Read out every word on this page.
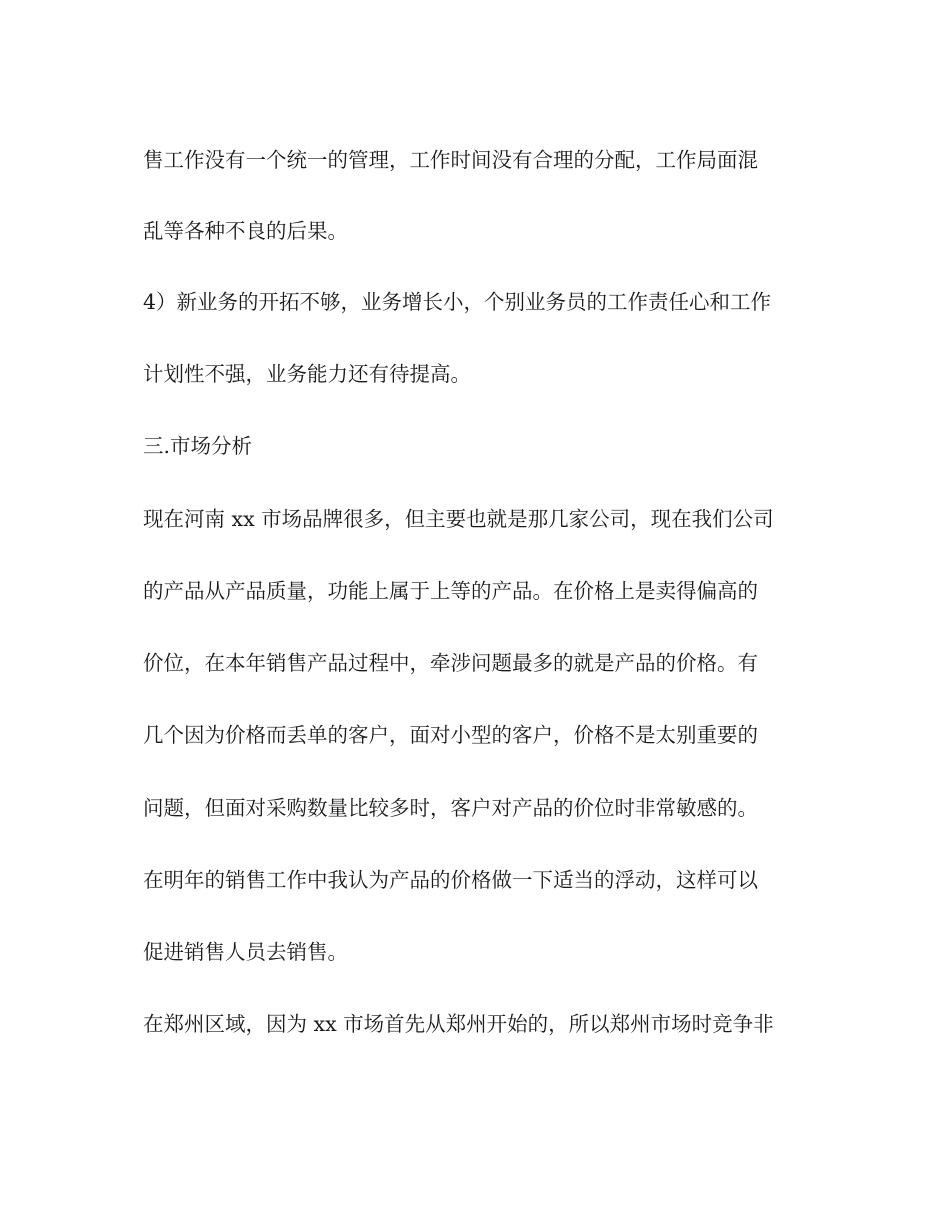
售工作没有一个统一的管理，工作时间没有合理的分配，工作局面混

乱等各种不良的后果。

4）新业务的开拓不够，业务增长小，个别业务员的工作责任心和工作

计划性不强，业务能力还有待提高。

三.市场分析

现在河南 xx 市场品牌很多，但主要也就是那几家公司，现在我们公司

的产品从产品质量，功能上属于上等的产品。在价格上是卖得偏高的

价位，在本年销售产品过程中，牵涉问题最多的就是产品的价格。有

几个因为价格而丢单的客户，面对小型的客户，价格不是太别重要的

问题，但面对采购数量比较多时，客户对产品的价位时非常敏感的。

在明年的销售工作中我认为产品的价格做一下适当的浮动，这样可以

促进销售人员去销售。

在郑州区域，因为 xx 市场首先从郑州开始的，所以郑州市场时竞争非
